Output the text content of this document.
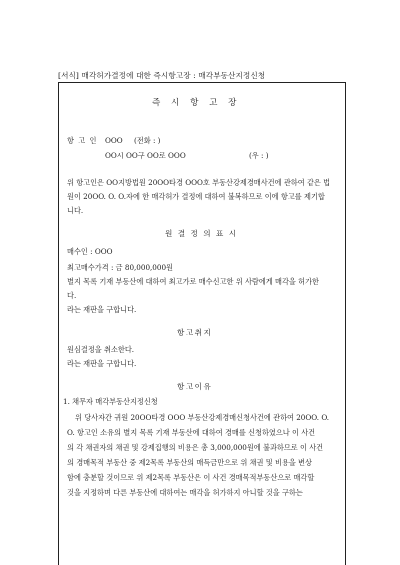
[서식] 매각허가결정에 대한 즉시항고장 : 매각부동산지정신청
즉 시 항 고 장
항 고 인 OOO (전화 : )
OO시 OO구 OO로 OOO	(우 : )
위 항고인은 OO지방법원 20OO타경 OOO호 부동산강제경매사건에 관하여 같은 법
원이 20OO. O. O.자에 한 매각허가 결정에 대하여 불복하므로 이에 항고를 제기합
니다.
원 결 정 의 표 시
매수인 : OOO
최고매수가격 : 금 80,000,000원
별지 목록 기재 부동산에 대하여 최고가로 매수신고한 위 사람에게 매각을 허가한
다.
라는 재판을 구합니다.
항고취지
원심결정을 취소한다.
라는 재판을 구합니다.
항고이유
1. 채무자 매각부동산지정신청
위 당사자간 귀원 20OO타경 OOO 부동산강제경매신청사건에 관하여 20OO. O.
O. 항고인 소유의 별지 목록 기재 부동산에 대하여 경매를 신청하였으나 이 사건
의 각 채권자의 채권 및 강제집행의 비용은 총 3,000,000원에 불과하므로 이 사건
의 경매목적 부동산 중 제2목록 부동산의 매득금만으로 위 채권 및 비용을 변상
함에 충분할 것이므로 위 제2목록 부동산은 이 사건 경매목적부동산으로 매각할
것을 지정하며 다른 부동산에 대하여는 매각을 허가하지 아니할 것을 구하는
